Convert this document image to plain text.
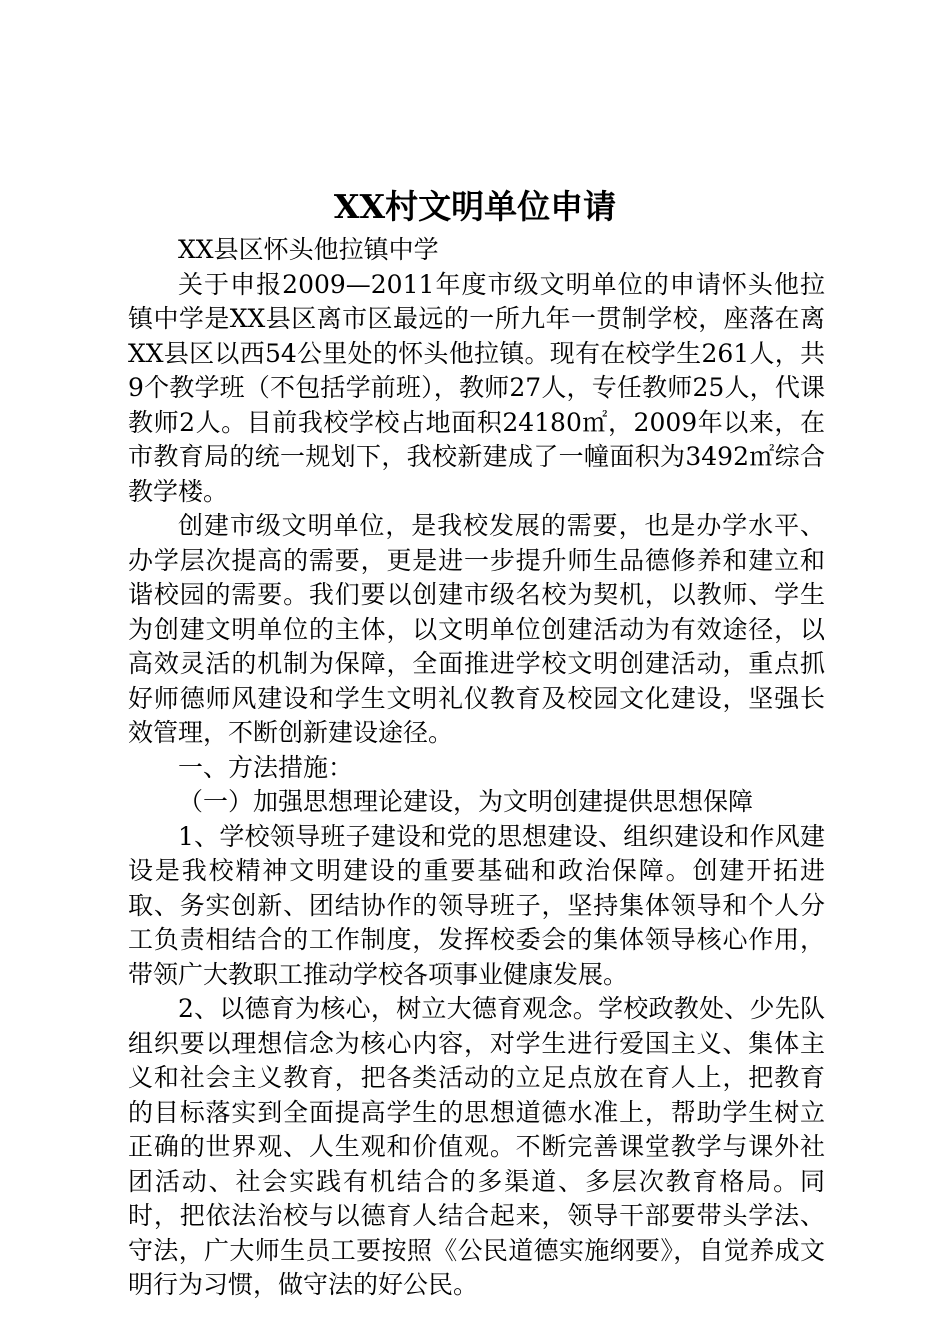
XX村文明单位申请

XX县区怀头他拉镇中学

关于申报2009—2011年度市级文明单位的申请怀头他拉镇中学是XX县区离市区最远的一所九年一贯制学校，座落在离XX县区以西54公里处的怀头他拉镇。现有在校学生261人，共9个教学班（不包括学前班），教师27人，专任教师25人，代课教师2人。目前我校学校占地面积24180㎡，2009年以来，在市教育局的统一规划下，我校新建成了一幢面积为3492㎡综合教学楼。

创建市级文明单位，是我校发展的需要，也是办学水平、办学层次提高的需要，更是进一步提升师生品德修养和建立和谐校园的需要。我们要以创建市级名校为契机，以教师、学生为创建文明单位的主体，以文明单位创建活动为有效途径，以高效灵活的机制为保障，全面推进学校文明创建活动，重点抓好师德师风建设和学生文明礼仪教育及校园文化建设，坚强长效管理，不断创新建设途径。

一、方法措施：

（一）加强思想理论建设，为文明创建提供思想保障

1、学校领导班子建设和党的思想建设、组织建设和作风建设是我校精神文明建设的重要基础和政治保障。创建开拓进取、务实创新、团结协作的领导班子，坚持集体领导和个人分工负责相结合的工作制度，发挥校委会的集体领导核心作用，带领广大教职工推动学校各项事业健康发展。

2、以德育为核心，树立大德育观念。学校政教处、少先队组织要以理想信念为核心内容，对学生进行爱国主义、集体主义和社会主义教育，把各类活动的立足点放在育人上，把教育的目标落实到全面提高学生的思想道德水准上，帮助学生树立正确的世界观、人生观和价值观。不断完善课堂教学与课外社团活动、社会实践有机结合的多渠道、多层次教育格局。同时，把依法治校与以德育人结合起来，领导干部要带头学法、守法，广大师生员工要按照《公民道德实施纲要》，自觉养成文明行为习惯，做守法的好公民。
